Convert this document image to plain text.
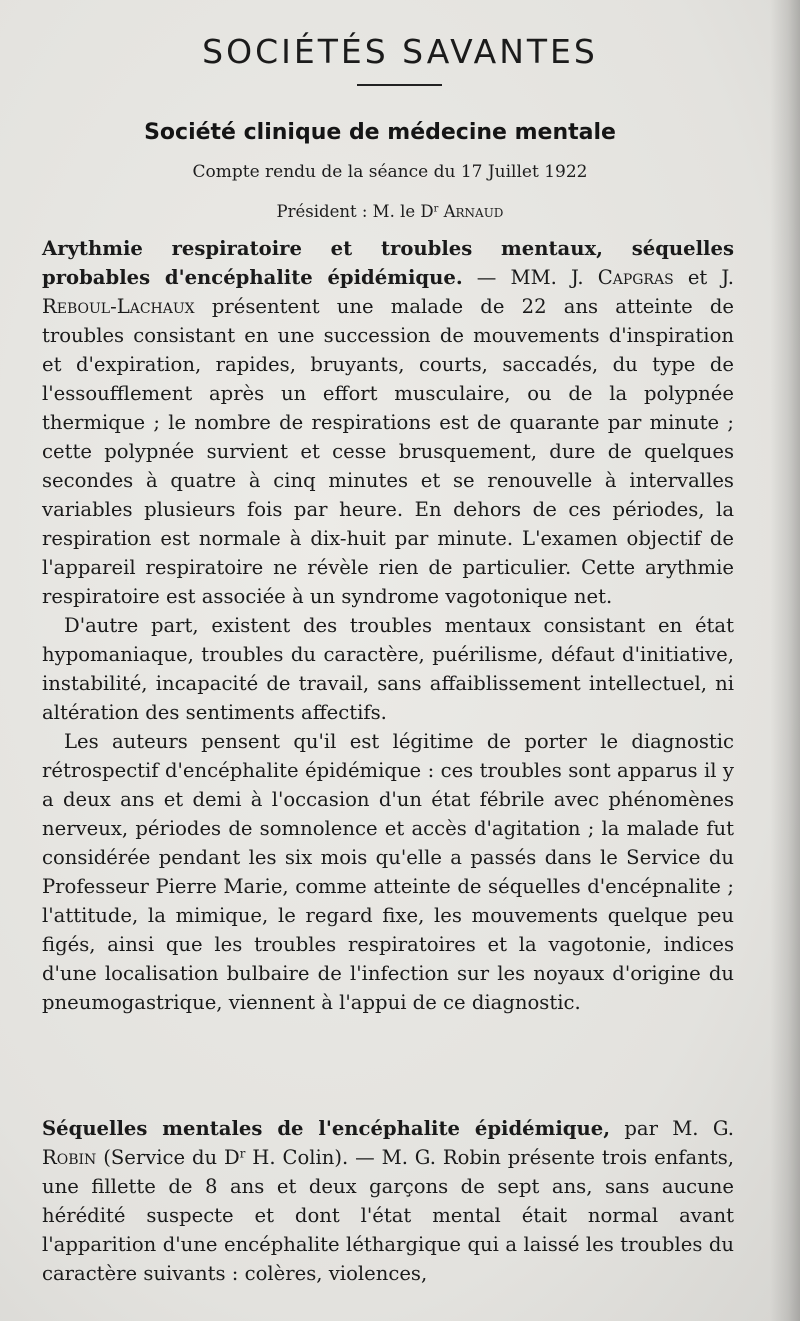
SOCIÉTÉS SAVANTES
Société clinique de médecine mentale
Compte rendu de la séance du 17 Juillet 1922
Président : M. le $D^r$ Arnaud

Arythmie respiratoire et troubles mentaux, séquelles probables d'encéphalite épidémique. — MM. J. Capgras et J. Reboul-Lachaux présentent une malade de 22 ans atteinte de troubles consistant en une succession de mouvements d'inspiration et d'expiration, rapides, bruyants, courts, saccadés, du type de l'essoufflement après un effort musculaire, ou de la polypnée thermique ; le nombre de respirations est de quarante par minute ; cette polypnée survient et cesse brusquement, dure de quelques secondes à quatre à cinq minutes et se renouvelle à intervalles variables plusieurs fois par heure. En dehors de ces périodes, la respiration est normale à dix-huit par minute. L'examen objectif de l'appareil respiratoire ne révèle rien de particulier. Cette arythmie respiratoire est associée à un syndrome vagotonique net.

D'autre part, existent des troubles mentaux consistant en état hypomaniaque, troubles du caractère, puérilisme, défaut d'initiative, instabilité, incapacité de travail, sans affaiblissement intellectuel, ni altération des sentiments affectifs.

Les auteurs pensent qu'il est légitime de porter le diagnostic rétrospectif d'encéphalite épidémique : ces troubles sont apparus il y a deux ans et demi à l'occasion d'un état fébrile avec phénomènes nerveux, périodes de somnolence et accès d'agitation ; la malade fut considérée pendant les six mois qu'elle a passés dans le Service du Professeur Pierre Marie, comme atteinte de séquelles d'encépnalite ; l'attitude, la mimique, le regard fixe, les mouvements quelque peu figés, ainsi que les troubles respiratoires et la vagotonie, indices d'une localisation bulbaire de l'infection sur les noyaux d'origine du pneumogastrique, viennent à l'appui de ce diagnostic.

Séquelles mentales de l'encéphalite épidémique, par M. G. Robin (Service du $D^r$ H. Colin). — M. G. Robin présente trois enfants, une fillette de 8 ans et deux garçons de sept ans, sans aucune hérédité suspecte et dont l'état mental était normal avant l'apparition d'une encéphalite léthargique qui a laissé les troubles du caractère suivants : colères, violences,
